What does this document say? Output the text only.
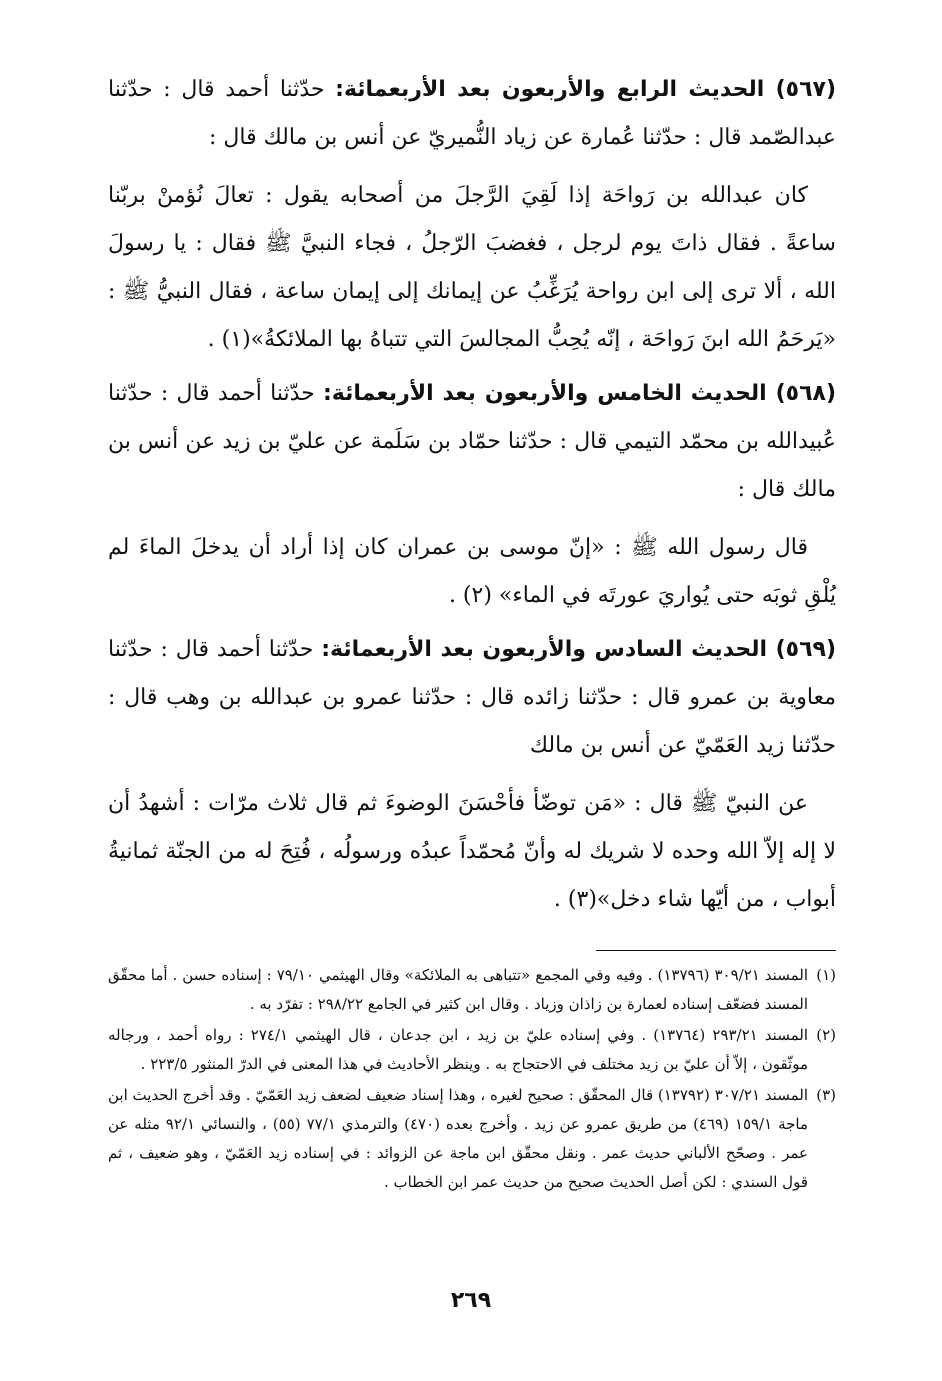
(٥٦٧) الحديث الرابع والأربعون بعد الأربعمائة: حدّثنا أحمد قال : حدّثنا عبدالصّمد قال : حدّثنا عُمارة عن زياد النُّميريّ عن أنس بن مالك قال :

كان عبدالله بن رَواحَة إذا لَقِيَ الرَّجلَ من أصحابه يقول : تعالَ نُؤمنْ بربّنا ساعةً . فقال ذاتَ يوم لرجل ، فغضبَ الرّجلُ ، فجاء النبيَّ ﷺ فقال : يا رسولَ الله ، ألا ترى إلى ابن رواحة يُرَغِّبُ عن إيمانك إلى إيمان ساعة ، فقال النبيُّ ﷺ : «يَرحَمُ الله ابنَ رَواحَة ، إنّه يُحِبُّ المجالسَ التي تتباهُ بها الملائكةُ»(١) .

(٥٦٨) الحديث الخامس والأربعون بعد الأربعمائة: حدّثنا أحمد قال : حدّثنا عُبيدالله بن محمّد التيمي قال : حدّثنا حمّاد بن سَلَمة عن عليّ بن زيد عن أنس بن مالك قال :

قال رسول الله ﷺ : «إنّ موسى بن عمران كان إذا أراد أن يدخلَ الماءَ لم يُلْقِ ثوبَه حتى يُواريَ عورتَه في الماء» (٢) .

(٥٦٩) الحديث السادس والأربعون بعد الأربعمائة: حدّثنا أحمد قال : حدّثنا معاوية بن عمرو قال : حدّثنا زائده قال : حدّثنا عمرو بن عبدالله بن وهب قال : حدّثنا زيد العَمّيّ عن أنس بن مالك

عن النبيّ ﷺ قال : «مَن توضّأ فأحْسَنَ الوضوءَ ثم قال ثلاث مرّات : أشهدُ أن لا إله إلاّ الله وحده لا شريك له وأنّ مُحمّداً عبدُه ورسولُه ، فُتِحَ له من الجنّة ثمانيةُ أبواب ، من أيّها شاء دخل»(٣) .

(١)المسند ٣٠٩/٢١ (١٣٧٩٦) . وفيه وفي المجمع «تتباهى به الملائكة» وقال الهيثمي ٧٩/١٠ : إسناده حسن . أما محقّق المسند فضعّف إسناده لعمارة بن زاذان وزياد . وقال ابن كثير في الجامع ٢٩٨/٢٢ : تفرّد به .

(٢)المسند ٢٩٣/٢١ (١٣٧٦٤) . وفي إسناده عليّ بن زيد ، ابن جدعان ، قال الهيثمي ٢٧٤/١ : رواه أحمد ، ورجاله موثّقون ، إلاّ أن عليّ بن زيد مختلف في الاحتجاج به . وينظر الأحاديث في هذا المعنى في الدرّ المنثور ٢٢٣/٥ .

(٣)المسند ٣٠٧/٢١ (١٣٧٩٢) قال المحقّق : صحيح لغيره ، وهذا إسناد ضعيف لضعف زيد العَمّيّ . وقد أخرج الحديث ابن ماجة ١٥٩/١ (٤٦٩) من طريق عمرو عن زيد . وأخرج بعده (٤٧٠) والترمذي ٧٧/١ (٥٥) ، والنسائي ٩٢/١ مثله عن عمر . وصحّح الألباني حديث عمر . ونقل محقّق ابن ماجة عن الزوائد : في إسناده زيد العَمّيّ ، وهو ضعيف ، ثم قول السندي : لكن أصل الحديث صحيح من حديث عمر ابن الخطاب .

٢٦٩
